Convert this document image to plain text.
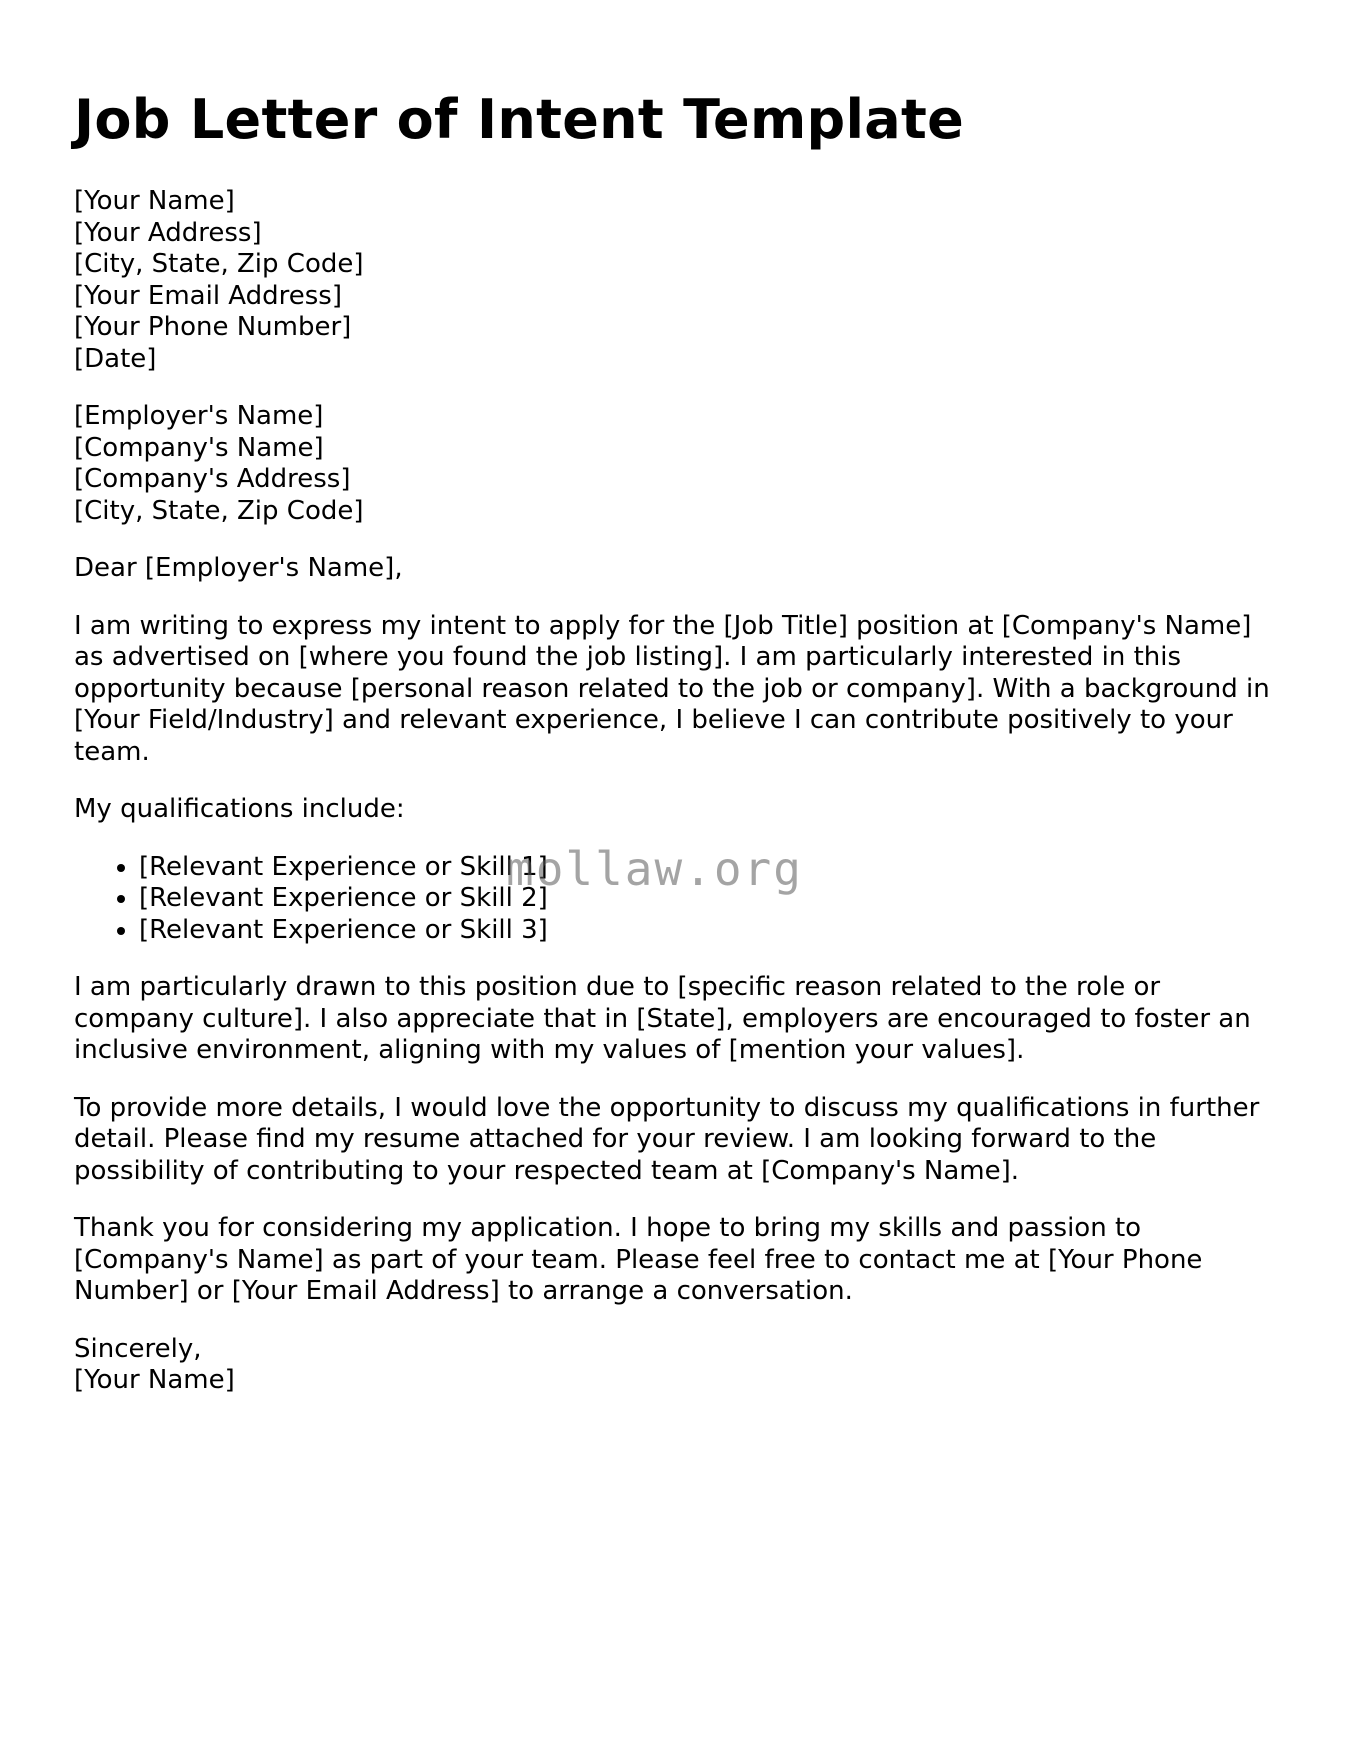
Job Letter of Intent Template
[Your Name]
[Your Address]
[City, State, Zip Code]
[Your Email Address]
[Your Phone Number]
[Date]
[Employer's Name]
[Company's Name]
[Company's Address]
[City, State, Zip Code]

Dear [Employer's Name],

I am writing to express my intent to apply for the [Job Title] position at [Company's Name] as advertised on [where you found the job listing]. I am particularly interested in this opportunity because [personal reason related to the job or company]. With a background in [Your Field/Industry] and relevant experience, I believe I can contribute positively to your team.

My qualifications include:

• [Relevant Experience or Skill 1]
• [Relevant Experience or Skill 2]
• [Relevant Experience or Skill 3]

I am particularly drawn to this position due to [specific reason related to the role or company culture]. I also appreciate that in [State], employers are encouraged to foster an inclusive environment, aligning with my values of [mention your values].

To provide more details, I would love the opportunity to discuss my qualifications in further detail. Please find my resume attached for your review. I am looking forward to the possibility of contributing to your respected team at [Company's Name].

Thank you for considering my application. I hope to bring my skills and passion to [Company's Name] as part of your team. Please feel free to contact me at [Your Phone Number] or [Your Email Address] to arrange a conversation.

Sincerely,
[Your Name]
mollaw.org
